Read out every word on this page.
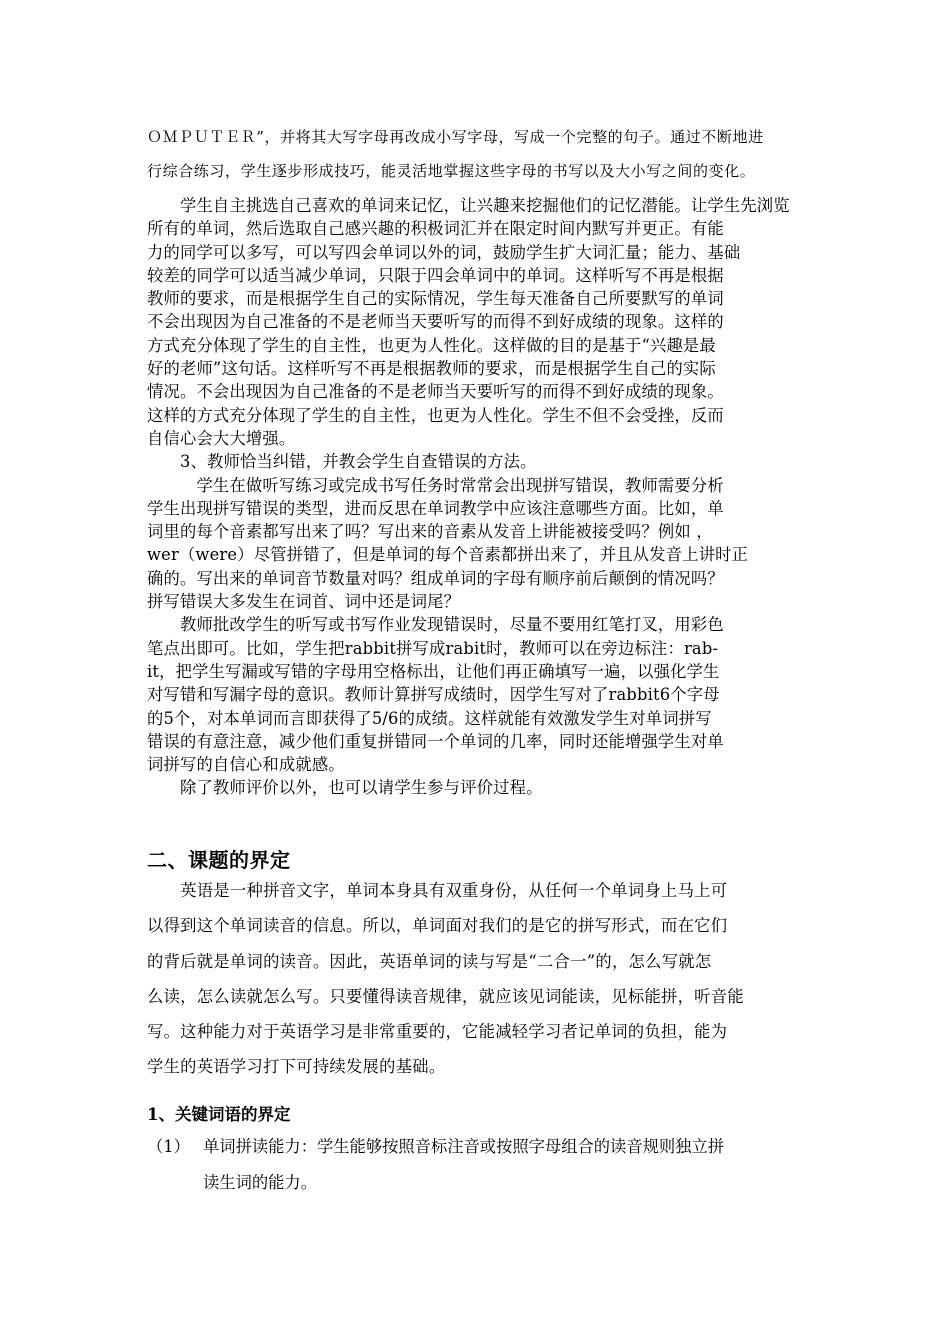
ＯＭＰＵＴＥＲ”，并将其大写字母再改成小写字母，写成一个完整的句子。通过不断地进
行综合练习，学生逐步形成技巧，能灵活地掌握这些字母的书写以及大小写之间的变化。
　　学生自主挑选自己喜欢的单词来记忆，让兴趣来挖掘他们的记忆潜能。让学生先浏览
所有的单词，然后选取自己感兴趣的积极词汇并在限定时间内默写并更正。有能
力的同学可以多写，可以写四会单词以外的词，鼓励学生扩大词汇量；能力、基础
较差的同学可以适当减少单词，只限于四会单词中的单词。这样听写不再是根据
教师的要求，而是根据学生自己的实际情况，学生每天准备自己所要默写的单词
不会出现因为自己准备的不是老师当天要听写的而得不到好成绩的现象。这样的
方式充分体现了学生的自主性，也更为人性化。这样做的目的是基于“兴趣是最
好的老师”这句话。这样听写不再是根据教师的要求，而是根据学生自己的实际
情况。不会出现因为自己准备的不是老师当天要听写的而得不到好成绩的现象。
这样的方式充分体现了学生的自主性，也更为人性化。学生不但不会受挫，反而
自信心会大大增强。
　　3、教师恰当纠错，并教会学生自查错误的方法。
　　　学生在做听写练习或完成书写任务时常常会出现拼写错误，教师需要分析
学生出现拼写错误的类型，进而反思在单词教学中应该注意哪些方面。比如，单
词里的每个音素都写出来了吗？写出来的音素从发音上讲能被接受吗？例如 ，
wer（were）尽管拼错了，但是单词的每个音素都拼出来了，并且从发音上讲时正
确的。写出来的单词音节数量对吗？组成单词的字母有顺序前后颠倒的情况吗？
拼写错误大多发生在词首、词中还是词尾？
　　教师批改学生的听写或书写作业发现错误时，尽量不要用红笔打叉，用彩色
笔点出即可。比如，学生把rabbit拼写成rabit时，教师可以在旁边标注：rab-
it，把学生写漏或写错的字母用空格标出，让他们再正确填写一遍，以强化学生
对写错和写漏字母的意识。教师计算拼写成绩时，因学生写对了rabbit6个字母
的5个，对本单词而言即获得了5/6的成绩。这样就能有效激发学生对单词拼写
错误的有意注意，减少他们重复拼错同一个单词的几率，同时还能增强学生对单
词拼写的自信心和成就感。
　　除了教师评价以外，也可以请学生参与评价过程。
二、课题的界定
　　英语是一种拼音文字，单词本身具有双重身份，从任何一个单词身上马上可
以得到这个单词读音的信息。所以，单词面对我们的是它的拼写形式，而在它们
的背后就是单词的读音。因此，英语单词的读与写是“二合一”的，怎么写就怎
么读，怎么读就怎么写。只要懂得读音规律，就应该见词能读，见标能拼，听音能
写。这种能力对于英语学习是非常重要的，它能减轻学习者记单词的负担，能为
学生的英语学习打下可持续发展的基础。
1、关键词语的界定
（1） 单词拼读能力：学生能够按照音标注音或按照字母组合的读音规则独立拼
读生词的能力。
